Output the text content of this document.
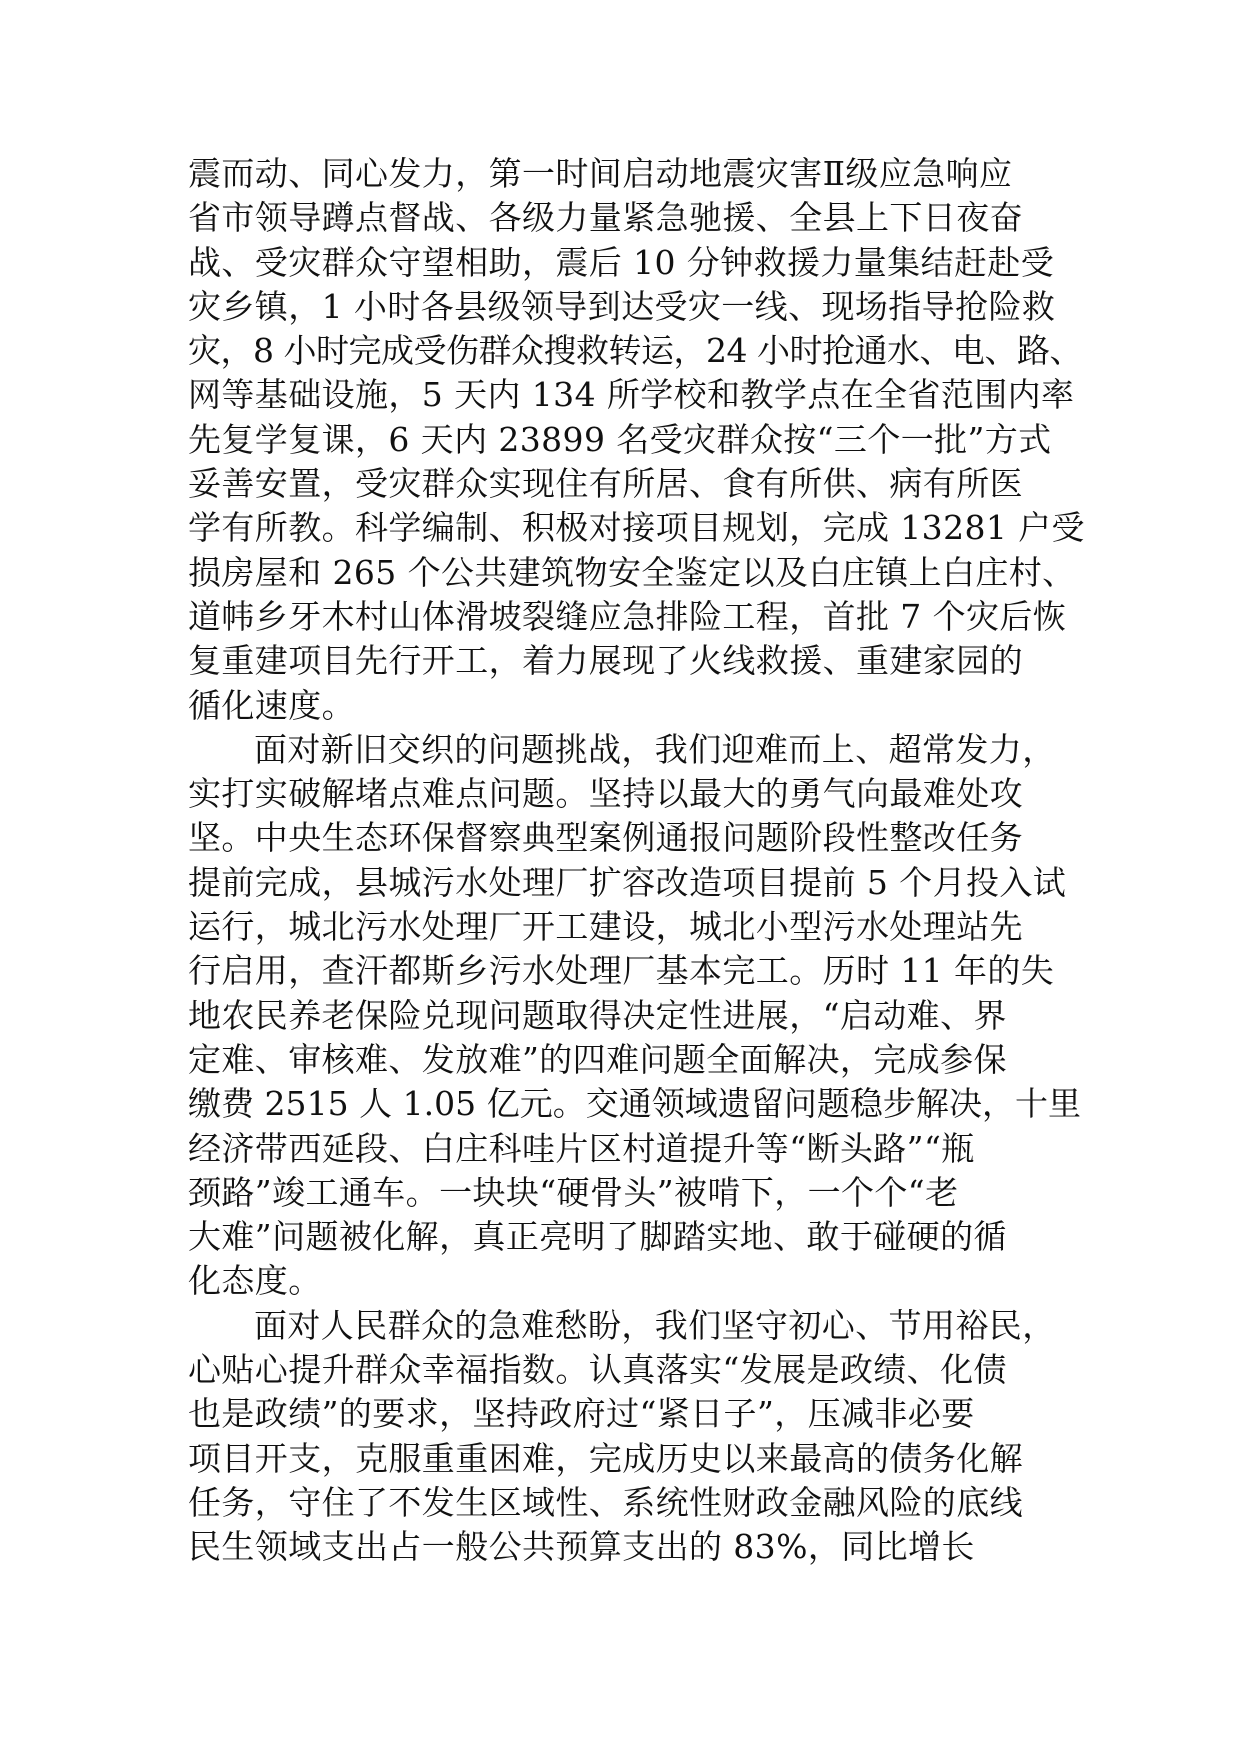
震而动、同心发力，第一时间启动地震灾害Ⅱ级应急响应
省市领导蹲点督战、各级力量紧急驰援、全县上下日夜奋
战、受灾群众守望相助，震后 10 分钟救援力量集结赶赴受
灾乡镇，1 小时各县级领导到达受灾一线、现场指导抢险救
灾，8 小时完成受伤群众搜救转运，24 小时抢通水、电、路、
网等基础设施，5 天内 134 所学校和教学点在全省范围内率
先复学复课，6 天内 23899 名受灾群众按“三个一批”方式
妥善安置，受灾群众实现住有所居、食有所供、病有所医
学有所教。科学编制、积极对接项目规划，完成 13281 户受
损房屋和 265 个公共建筑物安全鉴定以及白庄镇上白庄村、
道帏乡牙木村山体滑坡裂缝应急排险工程，首批 7 个灾后恢
复重建项目先行开工，着力展现了火线救援、重建家园的
循化速度。
面对新旧交织的问题挑战，我们迎难而上、超常发力，
实打实破解堵点难点问题。坚持以最大的勇气向最难处攻
坚。中央生态环保督察典型案例通报问题阶段性整改任务
提前完成，县城污水处理厂扩容改造项目提前 5 个月投入试
运行，城北污水处理厂开工建设，城北小型污水处理站先
行启用，查汗都斯乡污水处理厂基本完工。历时 11 年的失
地农民养老保险兑现问题取得决定性进展，“启动难、界
定难、审核难、发放难”的四难问题全面解决，完成参保
缴费 2515 人 1.05 亿元。交通领域遗留问题稳步解决，十里
经济带西延段、白庄科哇片区村道提升等“断头路”“瓶
颈路”竣工通车。一块块“硬骨头”被啃下，一个个“老
大难”问题被化解，真正亮明了脚踏实地、敢于碰硬的循
化态度。
面对人民群众的急难愁盼，我们坚守初心、节用裕民，
心贴心提升群众幸福指数。认真落实“发展是政绩、化债
也是政绩”的要求，坚持政府过“紧日子”，压减非必要
项目开支，克服重重困难，完成历史以来最高的债务化解
任务，守住了不发生区域性、系统性财政金融风险的底线
民生领域支出占一般公共预算支出的 83%，同比增长
